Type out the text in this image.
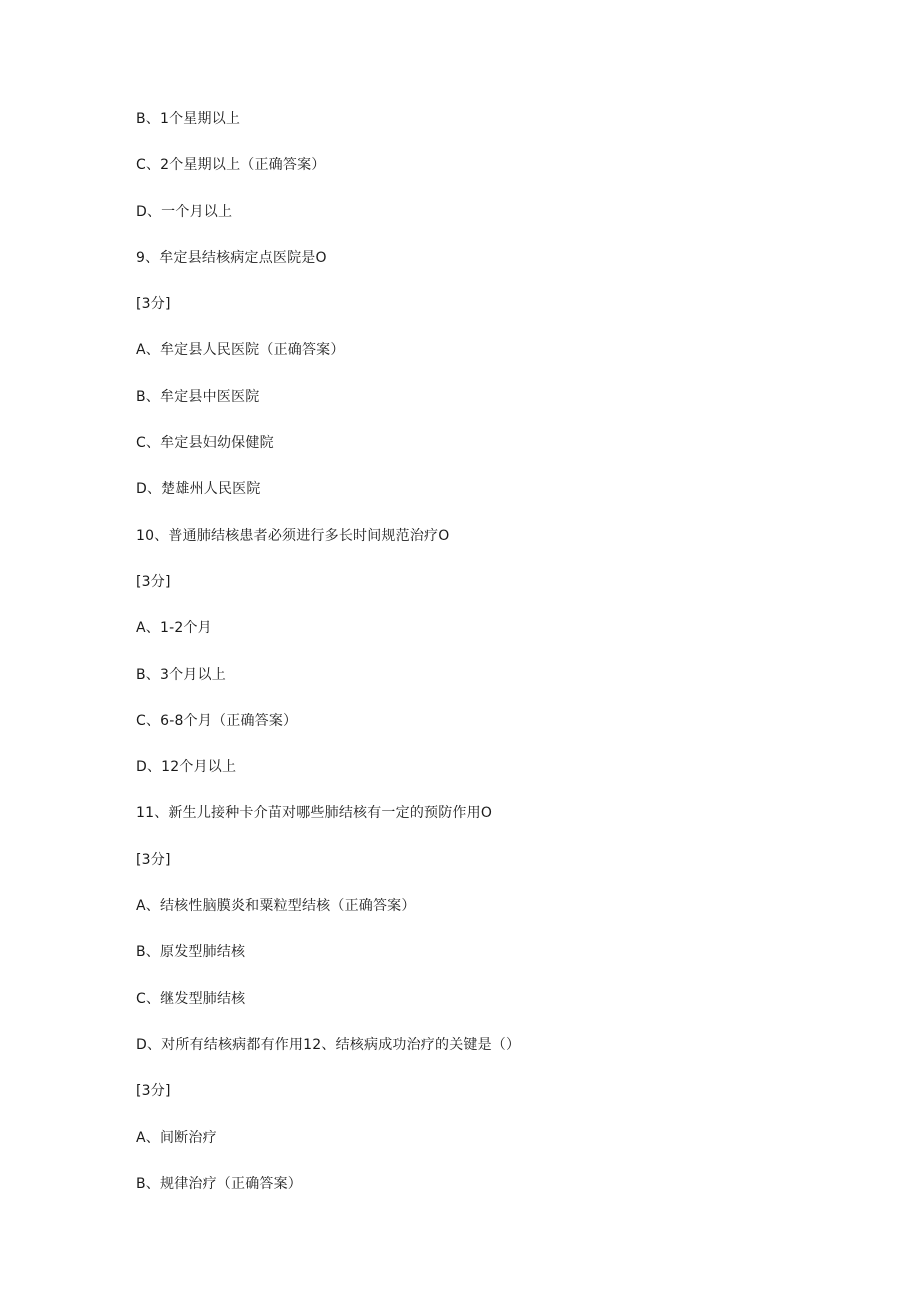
B、1个星期以上
C、2个星期以上（正确答案）
D、一个月以上
9、牟定县结核病定点医院是O
[3分]
A、牟定县人民医院（正确答案）
B、牟定县中医医院
C、牟定县妇幼保健院
D、楚雄州人民医院
10、普通肺结核患者必须进行多长时间规范治疗O
[3分]
A、1-2个月
B、3个月以上
C、6-8个月（正确答案）
D、12个月以上
11、新生儿接种卡介苗对哪些肺结核有一定的预防作用O
[3分]
A、结核性脑膜炎和粟粒型结核（正确答案）
B、原发型肺结核
C、继发型肺结核
D、对所有结核病都有作用12、结核病成功治疗的关键是（）
[3分]
A、间断治疗
B、规律治疗（正确答案）
